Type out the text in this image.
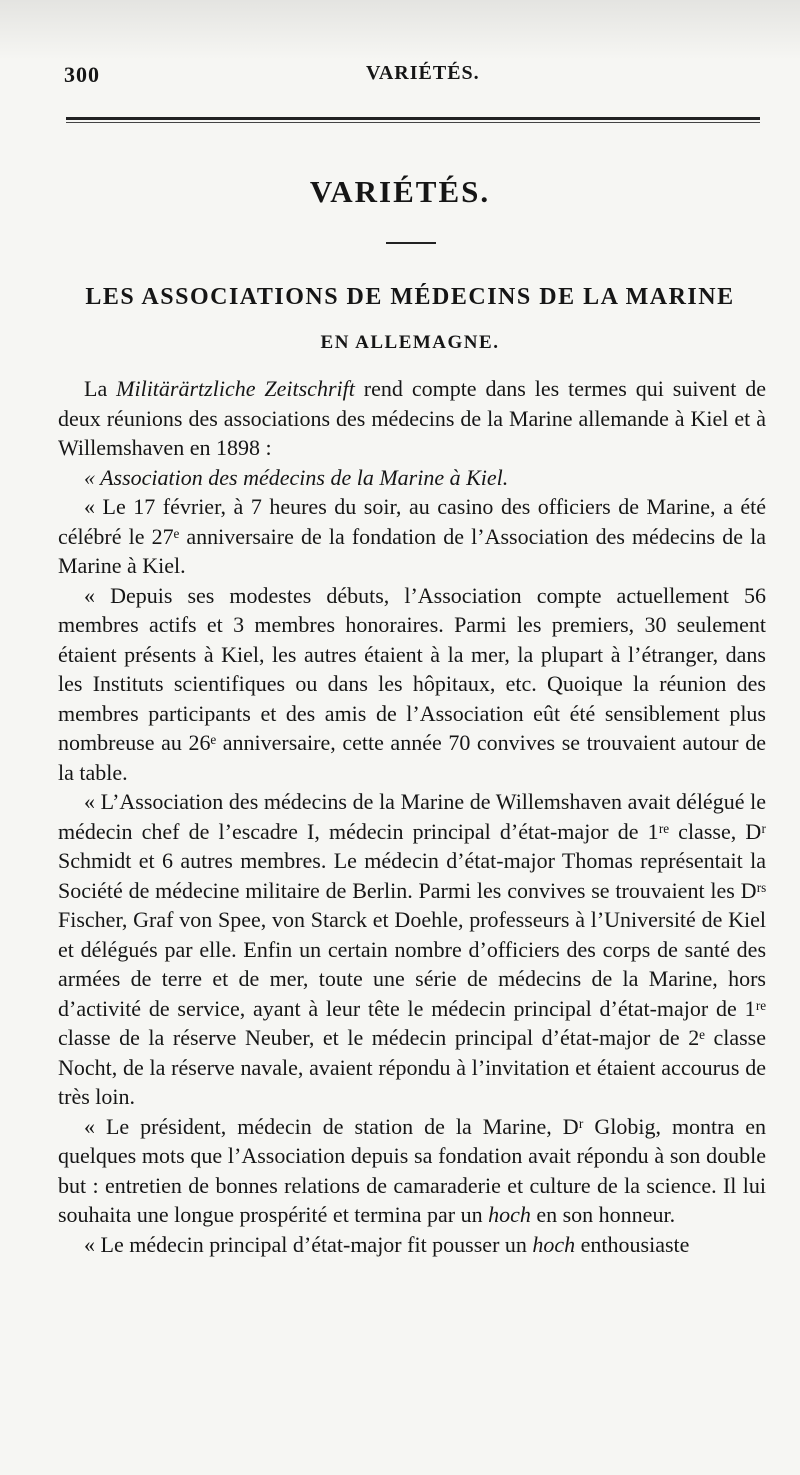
300	VARIÉTÉS.
VARIÉTÉS.
LES ASSOCIATIONS DE MÉDECINS DE LA MARINE
EN ALLEMAGNE.

La Militärärtzliche Zeitschrift rend compte dans les termes qui suivent de deux réunions des associations des médecins de la Marine allemande à Kiel et à Willemshaven en 1898 :

« Association des médecins de la Marine à Kiel.

« Le 17 février, à 7 heures du soir, au casino des officiers de Marine, a été célébré le 27ᵉ anniversaire de la fondation de l’Association des médecins de la Marine à Kiel.

« Depuis ses modestes débuts, l’Association compte actuellement 56 membres actifs et 3 membres honoraires. Parmi les premiers, 30 seulement étaient présents à Kiel, les autres étaient à la mer, la plupart à l’étranger, dans les Instituts scientifiques ou dans les hôpitaux, etc. Quoique la réunion des membres participants et des amis de l’Association eût été sensiblement plus nombreuse au 26ᵉ anniversaire, cette année 70 convives se trouvaient autour de la table.

« L’Association des médecins de la Marine de Willemshaven avait délégué le médecin chef de l’escadre I, médecin principal d’état-major de 1ʳᵉ classe, Dʳ Schmidt et 6 autres membres. Le médecin d’état-major Thomas représentait la Société de médecine militaire de Berlin. Parmi les convives se trouvaient les Dʳˢ Fischer, Graf von Spee, von Starck et Doehle, professeurs à l’Université de Kiel et délégués par elle. Enfin un certain nombre d’officiers des corps de santé des armées de terre et de mer, toute une série de médecins de la Marine, hors d’activité de service, ayant à leur tête le médecin principal d’état-major de 1ʳᵉ classe de la réserve Neuber, et le médecin principal d’état-major de 2ᵉ classe Nocht, de la réserve navale, avaient répondu à l’invitation et étaient accourus de très loin.

« Le président, médecin de station de la Marine, Dʳ Globig, montra en quelques mots que l’Association depuis sa fondation avait répondu à son double but : entretien de bonnes relations de camaraderie et culture de la science. Il lui souhaita une longue prospérité et termina par un hoch en son honneur.

« Le médecin principal d’état-major fit pousser un hoch enthousiaste
